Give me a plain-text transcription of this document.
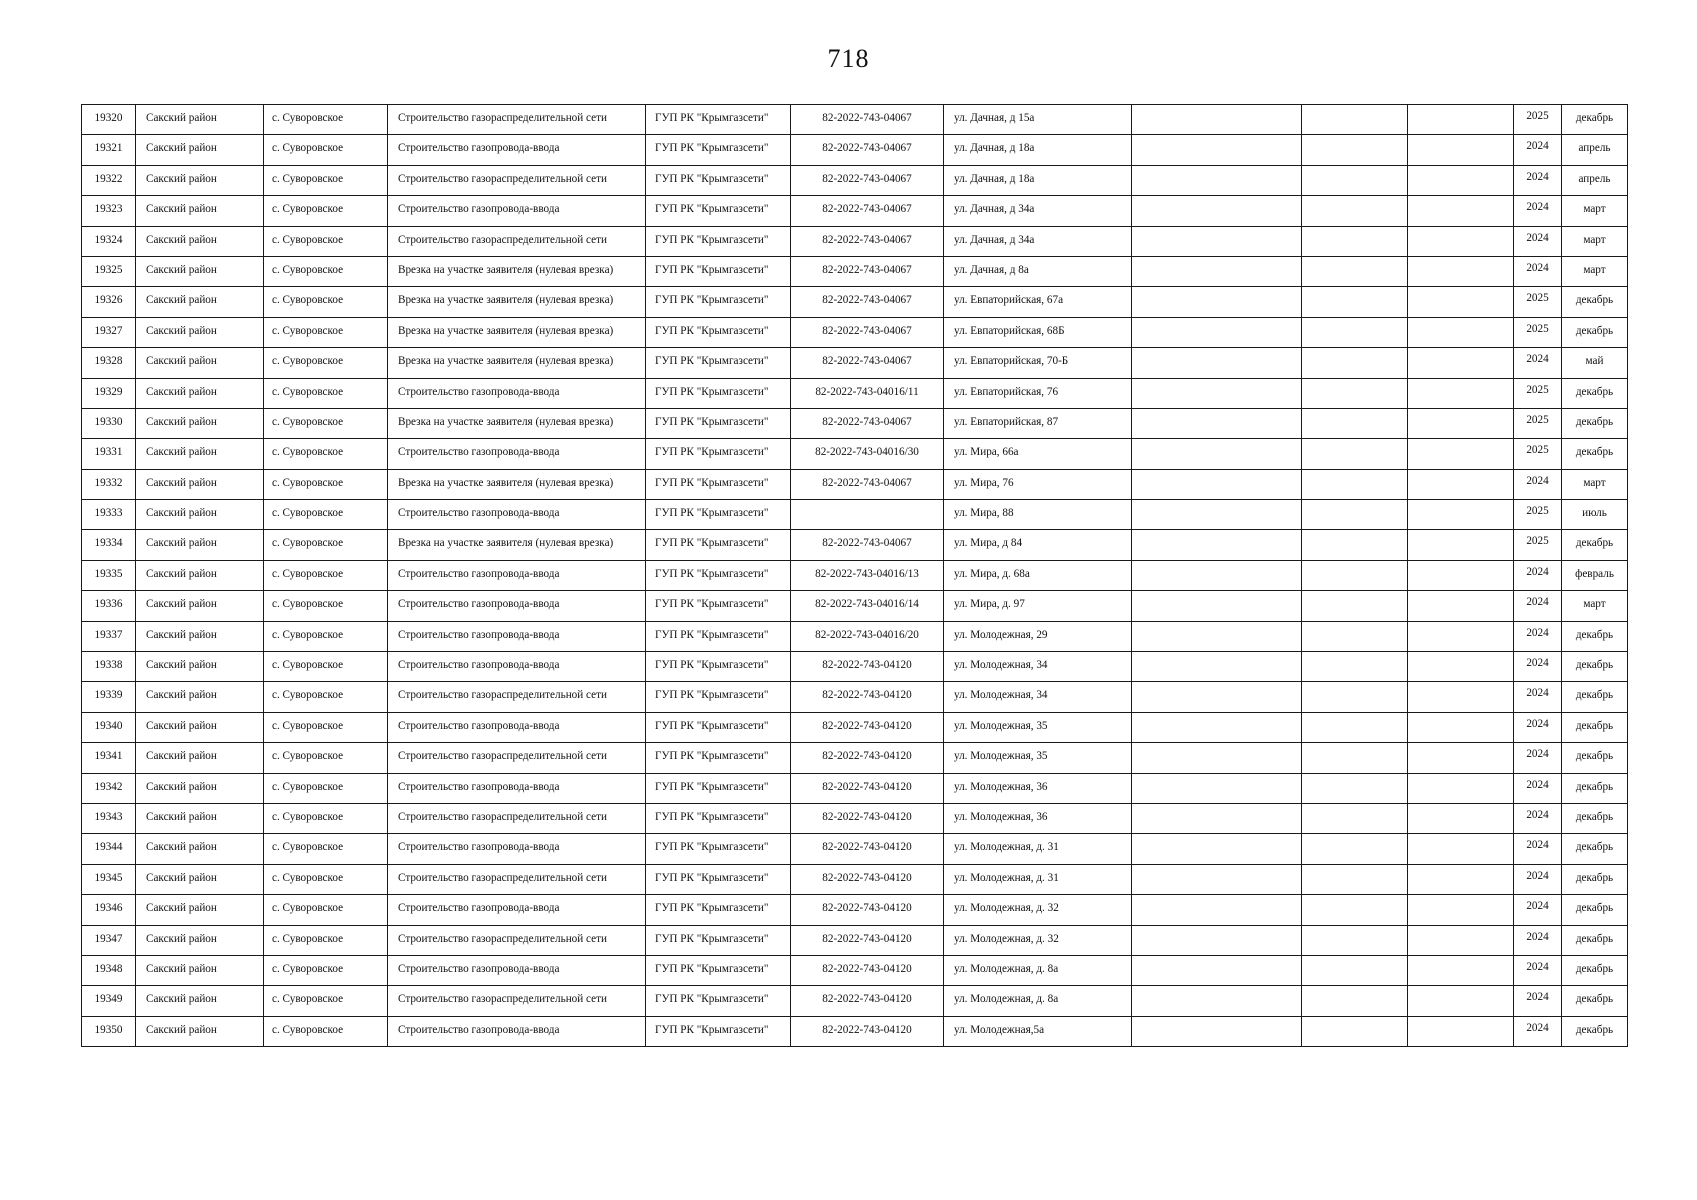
718
19320	Сакский район	с. Суворовское	Строительство газораспределительной сети	ГУП РК "Крымгазсети"	82-2022-743-04067	ул. Дачная, д 15а				2025	декабрь
19321	Сакский район	с. Суворовское	Строительство газопровода-ввода	ГУП РК "Крымгазсети"	82-2022-743-04067	ул. Дачная, д 18а				2024	апрель
19322	Сакский район	с. Суворовское	Строительство газораспределительной сети	ГУП РК "Крымгазсети"	82-2022-743-04067	ул. Дачная, д 18а				2024	апрель
19323	Сакский район	с. Суворовское	Строительство газопровода-ввода	ГУП РК "Крымгазсети"	82-2022-743-04067	ул. Дачная, д 34а				2024	март
19324	Сакский район	с. Суворовское	Строительство газораспределительной сети	ГУП РК "Крымгазсети"	82-2022-743-04067	ул. Дачная, д 34а				2024	март
19325	Сакский район	с. Суворовское	Врезка на участке заявителя (нулевая врезка)	ГУП РК "Крымгазсети"	82-2022-743-04067	ул. Дачная, д 8а				2024	март
19326	Сакский район	с. Суворовское	Врезка на участке заявителя (нулевая врезка)	ГУП РК "Крымгазсети"	82-2022-743-04067	ул. Евпаторийская, 67а				2025	декабрь
19327	Сакский район	с. Суворовское	Врезка на участке заявителя (нулевая врезка)	ГУП РК "Крымгазсети"	82-2022-743-04067	ул. Евпаторийская, 68Б				2025	декабрь
19328	Сакский район	с. Суворовское	Врезка на участке заявителя (нулевая врезка)	ГУП РК "Крымгазсети"	82-2022-743-04067	ул. Евпаторийская, 70-Б				2024	май
19329	Сакский район	с. Суворовское	Строительство газопровода-ввода	ГУП РК "Крымгазсети"	82-2022-743-04016/11	ул. Евпаторийская, 76				2025	декабрь
19330	Сакский район	с. Суворовское	Врезка на участке заявителя (нулевая врезка)	ГУП РК "Крымгазсети"	82-2022-743-04067	ул. Евпаторийская, 87				2025	декабрь
19331	Сакский район	с. Суворовское	Строительство газопровода-ввода	ГУП РК "Крымгазсети"	82-2022-743-04016/30	ул. Мира, 66а				2025	декабрь
19332	Сакский район	с. Суворовское	Врезка на участке заявителя (нулевая врезка)	ГУП РК "Крымгазсети"	82-2022-743-04067	ул. Мира, 76				2024	март
19333	Сакский район	с. Суворовское	Строительство газопровода-ввода	ГУП РК "Крымгазсети"		ул. Мира, 88				2025	июль
19334	Сакский район	с. Суворовское	Врезка на участке заявителя (нулевая врезка)	ГУП РК "Крымгазсети"	82-2022-743-04067	ул. Мира, д 84				2025	декабрь
19335	Сакский район	с. Суворовское	Строительство газопровода-ввода	ГУП РК "Крымгазсети"	82-2022-743-04016/13	ул. Мира, д. 68а				2024	февраль
19336	Сакский район	с. Суворовское	Строительство газопровода-ввода	ГУП РК "Крымгазсети"	82-2022-743-04016/14	ул. Мира, д. 97				2024	март
19337	Сакский район	с. Суворовское	Строительство газопровода-ввода	ГУП РК "Крымгазсети"	82-2022-743-04016/20	ул. Молодежная, 29				2024	декабрь
19338	Сакский район	с. Суворовское	Строительство газопровода-ввода	ГУП РК "Крымгазсети"	82-2022-743-04120	ул. Молодежная, 34				2024	декабрь
19339	Сакский район	с. Суворовское	Строительство газораспределительной сети	ГУП РК "Крымгазсети"	82-2022-743-04120	ул. Молодежная, 34				2024	декабрь
19340	Сакский район	с. Суворовское	Строительство газопровода-ввода	ГУП РК "Крымгазсети"	82-2022-743-04120	ул. Молодежная, 35				2024	декабрь
19341	Сакский район	с. Суворовское	Строительство газораспределительной сети	ГУП РК "Крымгазсети"	82-2022-743-04120	ул. Молодежная, 35				2024	декабрь
19342	Сакский район	с. Суворовское	Строительство газопровода-ввода	ГУП РК "Крымгазсети"	82-2022-743-04120	ул. Молодежная, 36				2024	декабрь
19343	Сакский район	с. Суворовское	Строительство газораспределительной сети	ГУП РК "Крымгазсети"	82-2022-743-04120	ул. Молодежная, 36				2024	декабрь
19344	Сакский район	с. Суворовское	Строительство газопровода-ввода	ГУП РК "Крымгазсети"	82-2022-743-04120	ул. Молодежная, д. 31				2024	декабрь
19345	Сакский район	с. Суворовское	Строительство газораспределительной сети	ГУП РК "Крымгазсети"	82-2022-743-04120	ул. Молодежная, д. 31				2024	декабрь
19346	Сакский район	с. Суворовское	Строительство газопровода-ввода	ГУП РК "Крымгазсети"	82-2022-743-04120	ул. Молодежная, д. 32				2024	декабрь
19347	Сакский район	с. Суворовское	Строительство газораспределительной сети	ГУП РК "Крымгазсети"	82-2022-743-04120	ул. Молодежная, д. 32				2024	декабрь
19348	Сакский район	с. Суворовское	Строительство газопровода-ввода	ГУП РК "Крымгазсети"	82-2022-743-04120	ул. Молодежная, д. 8а				2024	декабрь
19349	Сакский район	с. Суворовское	Строительство газораспределительной сети	ГУП РК "Крымгазсети"	82-2022-743-04120	ул. Молодежная, д. 8а				2024	декабрь
19350	Сакский район	с. Суворовское	Строительство газопровода-ввода	ГУП РК "Крымгазсети"	82-2022-743-04120	ул. Молодежная,5а				2024	декабрь
